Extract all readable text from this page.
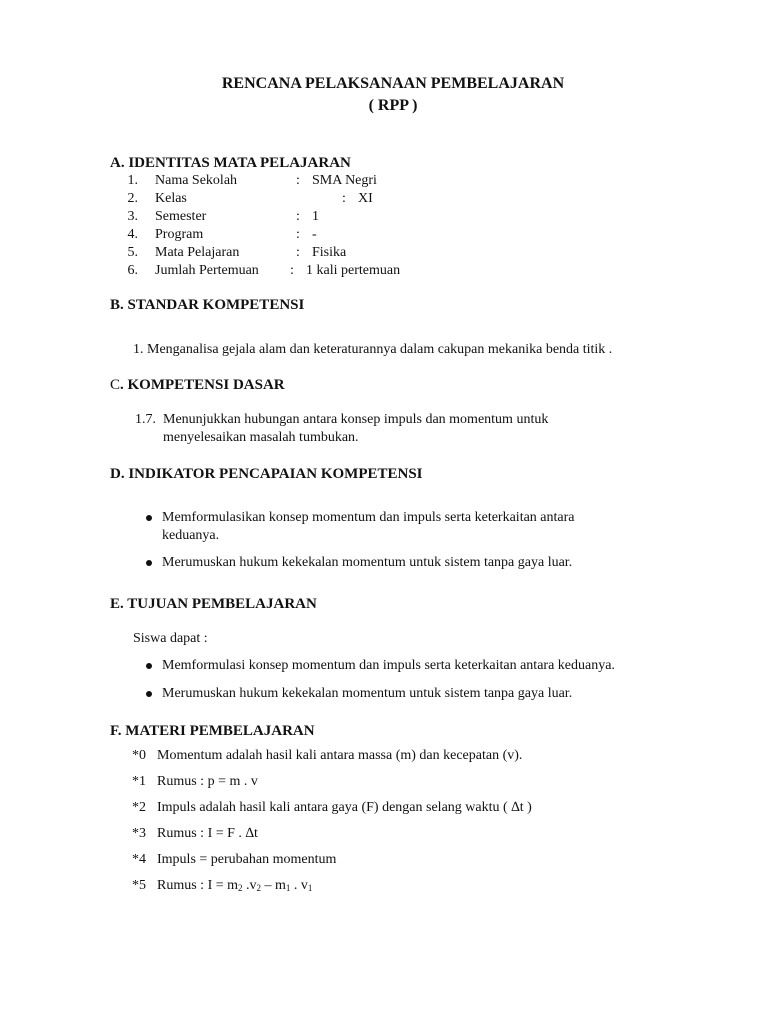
RENCANA PELAKSANAAN PEMBELAJARAN
( RPP )
A. IDENTITAS MATA PELAJARAN
1. Nama Sekolah	: SMA Negri
2. Kelas	: XI
3. Semester	: 1
4. Program	: -
5. Mata Pelajaran	: Fisika
6. Jumlah Pertemuan : 1 kali pertemuan
B. STANDAR KOMPETENSI
1. Menganalisa gejala alam dan keteraturannya dalam cakupan mekanika benda titik .
C. KOMPETENSI DASAR
1.7. Menunjukkan hubungan antara konsep impuls dan momentum untuk
menyelesaikan masalah tumbukan.
D. INDIKATOR PENCAPAIAN KOMPETENSI
Memformulasikan konsep momentum dan impuls serta keterkaitan antara
keduanya.
Merumuskan hukum kekekalan momentum untuk sistem tanpa gaya luar.
E. TUJUAN PEMBELAJARAN
Siswa dapat :
Memformulasi konsep momentum dan impuls serta keterkaitan antara keduanya.
Merumuskan hukum kekekalan momentum untuk sistem tanpa gaya luar.
F. MATERI PEMBELAJARAN
*0 Momentum adalah hasil kali antara massa (m) dan kecepatan (v).
*1 Rumus : p = m . v
*2 Impuls adalah hasil kali antara gaya (F) dengan selang waktu ( ∆t )
*3 Rumus : I = F . ∆t
*4 Impuls = perubahan momentum
*5 Rumus : $I = m_2$ $.v_2 - m_1$ . $v_1$
